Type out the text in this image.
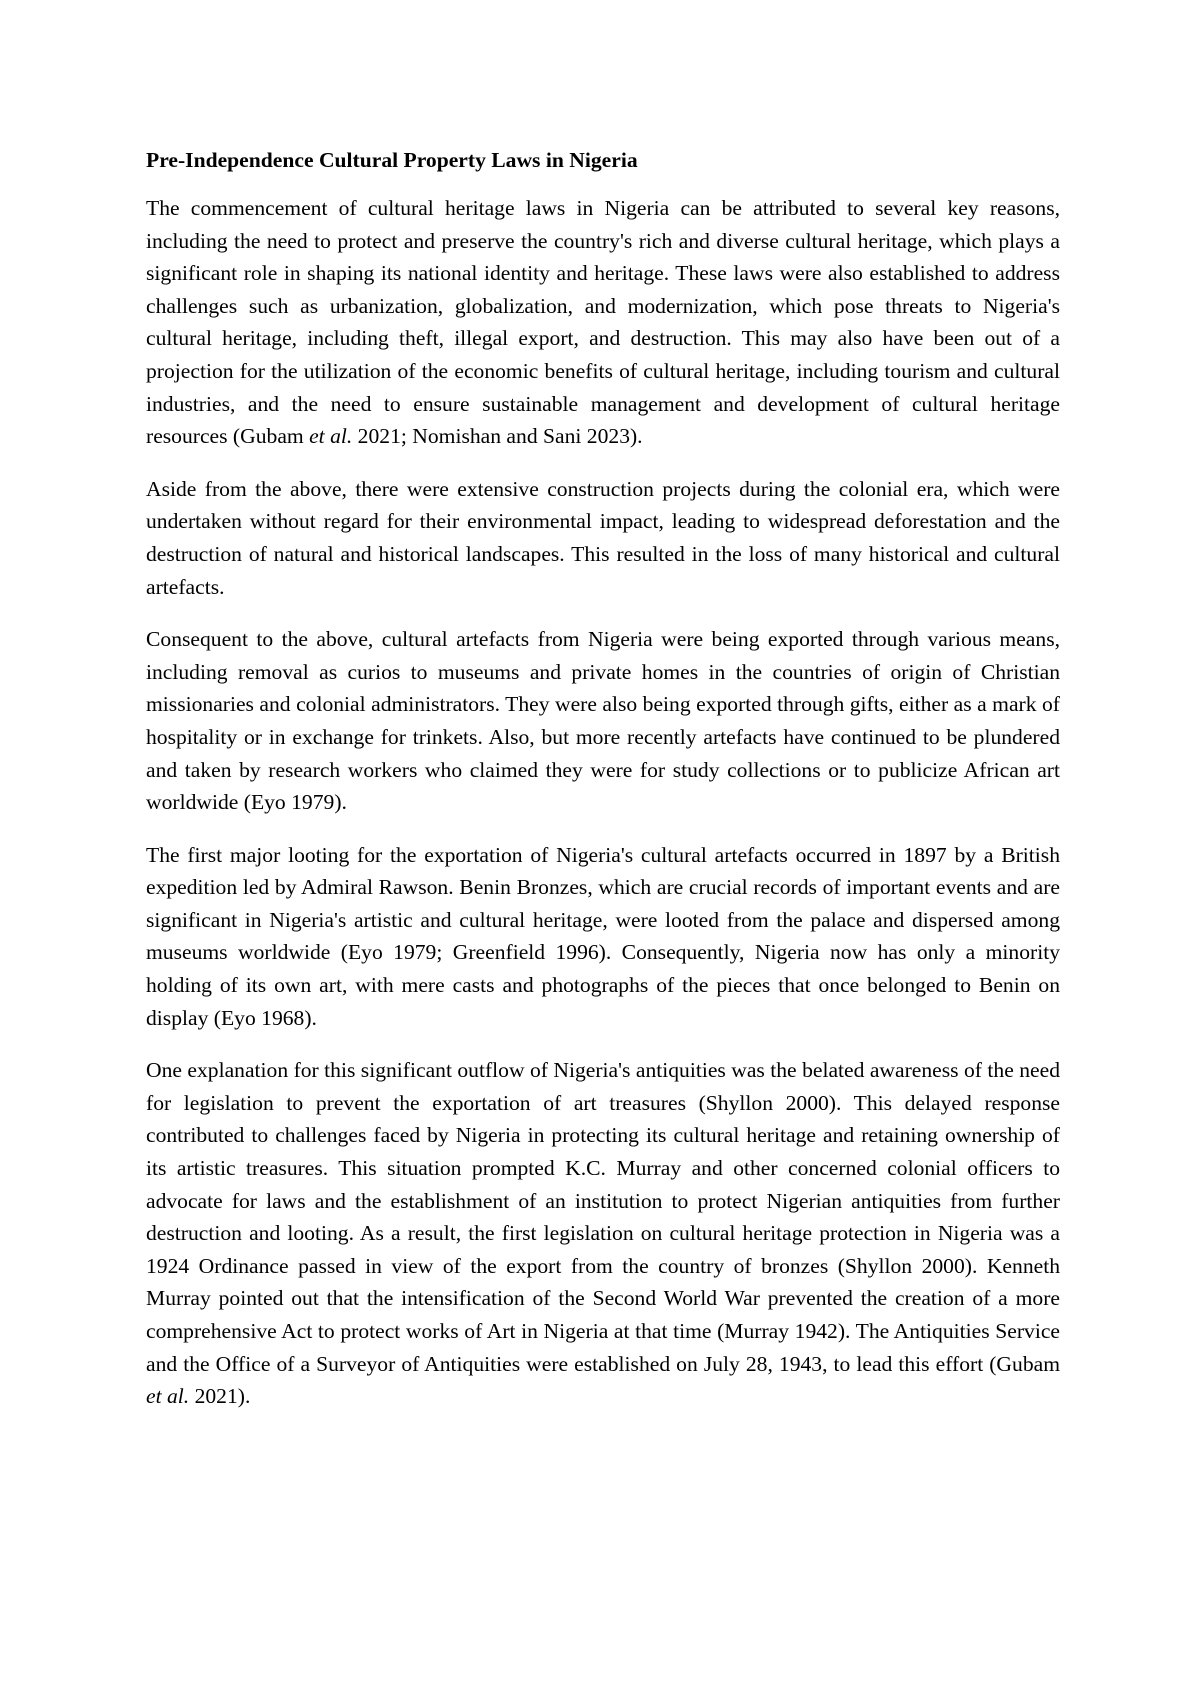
Pre-Independence Cultural Property Laws in Nigeria

The commencement of cultural heritage laws in Nigeria can be attributed to several key reasons, including the need to protect and preserve the country's rich and diverse cultural heritage, which plays a significant role in shaping its national identity and heritage. These laws were also established to address challenges such as urbanization, globalization, and modernization, which pose threats to Nigeria's cultural heritage, including theft, illegal export, and destruction. This may also have been out of a projection for the utilization of the economic benefits of cultural heritage, including tourism and cultural industries, and the need to ensure sustainable management and development of cultural heritage resources (Gubam et al. 2021; Nomishan and Sani 2023).

Aside from the above, there were extensive construction projects during the colonial era, which were undertaken without regard for their environmental impact, leading to widespread deforestation and the destruction of natural and historical landscapes. This resulted in the loss of many historical and cultural artefacts.

Consequent to the above, cultural artefacts from Nigeria were being exported through various means, including removal as curios to museums and private homes in the countries of origin of Christian missionaries and colonial administrators. They were also being exported through gifts, either as a mark of hospitality or in exchange for trinkets. Also, but more recently artefacts have continued to be plundered and taken by research workers who claimed they were for study collections or to publicize African art worldwide (Eyo 1979).

The first major looting for the exportation of Nigeria's cultural artefacts occurred in 1897 by a British expedition led by Admiral Rawson. Benin Bronzes, which are crucial records of important events and are significant in Nigeria's artistic and cultural heritage, were looted from the palace and dispersed among museums worldwide (Eyo 1979; Greenfield 1996). Consequently, Nigeria now has only a minority holding of its own art, with mere casts and photographs of the pieces that once belonged to Benin on display (Eyo 1968).

One explanation for this significant outflow of Nigeria's antiquities was the belated awareness of the need for legislation to prevent the exportation of art treasures (Shyllon 2000). This delayed response contributed to challenges faced by Nigeria in protecting its cultural heritage and retaining ownership of its artistic treasures. This situation prompted K.C. Murray and other concerned colonial officers to advocate for laws and the establishment of an institution to protect Nigerian antiquities from further destruction and looting. As a result, the first legislation on cultural heritage protection in Nigeria was a 1924 Ordinance passed in view of the export from the country of bronzes (Shyllon 2000). Kenneth Murray pointed out that the intensification of the Second World War prevented the creation of a more comprehensive Act to protect works of Art in Nigeria at that time (Murray 1942). The Antiquities Service and the Office of a Surveyor of Antiquities were established on July 28, 1943, to lead this effort (Gubam et al. 2021).
